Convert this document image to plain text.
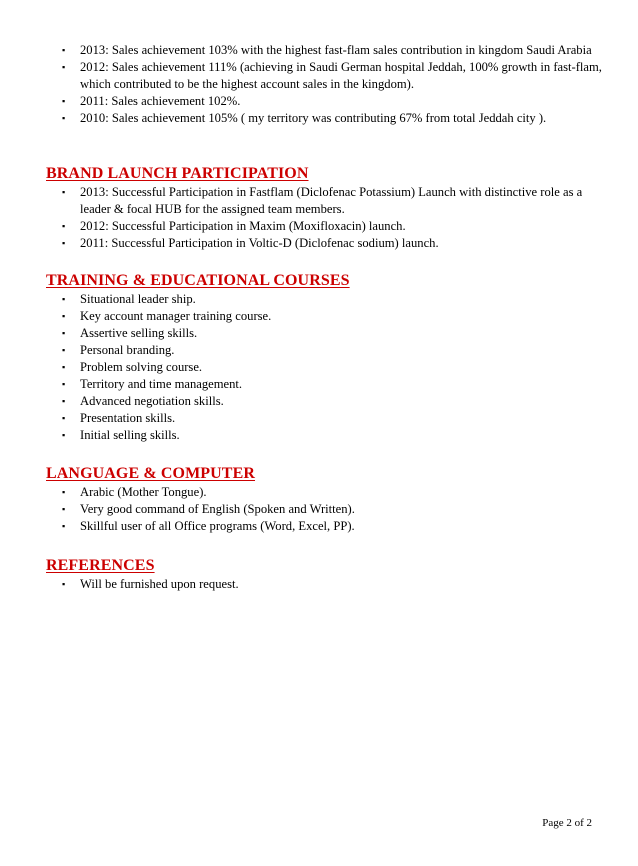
▪ 2013: Sales achievement 103% with the highest fast-flam sales contribution in kingdom Saudi Arabia
▪ 2012: Sales achievement 111% (achieving in Saudi German hospital Jeddah, 100% growth in fast-flam, which contributed to be the highest account sales in the kingdom).
▪ 2011: Sales achievement 102%.
▪ 2010: Sales achievement 105% ( my territory was contributing 67% from total Jeddah city ).
BRAND LAUNCH PARTICIPATION
▪ 2013: Successful Participation in Fastflam (Diclofenac Potassium) Launch with distinctive role as a leader & focal HUB for the assigned team members.
▪ 2012: Successful Participation in Maxim (Moxifloxacin) launch.
▪ 2011: Successful Participation in Voltic-D (Diclofenac sodium) launch.
TRAINING & EDUCATIONAL COURSES
▪ Situational leader ship.
▪ Key account manager training course.
▪ Assertive selling skills.
▪ Personal branding.
▪ Problem solving course.
▪ Territory and time management.
▪ Advanced negotiation skills.
▪ Presentation skills.
▪ Initial selling skills.
LANGUAGE & COMPUTER
▪ Arabic (Mother Tongue).
▪ Very good command of English (Spoken and Written).
▪ Skillful user of all Office programs (Word, Excel, PP).
REFERENCES
▪ Will be furnished upon request.
Page 2 of 2
